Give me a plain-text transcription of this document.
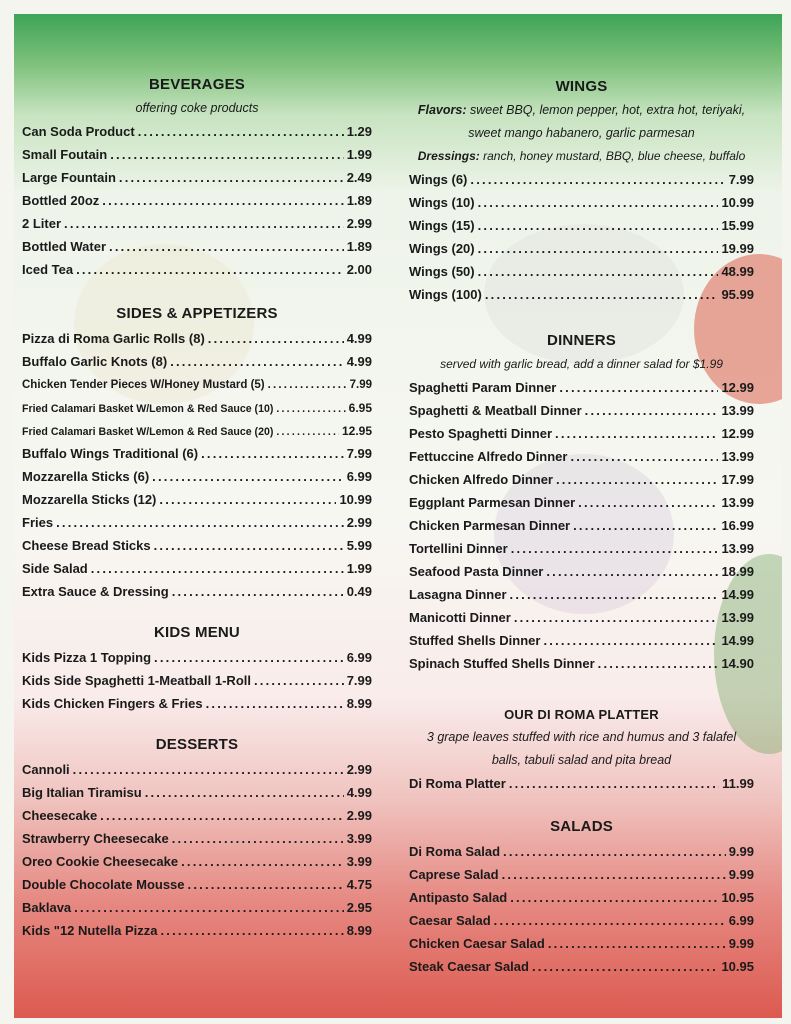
BEVERAGES
offering coke products
Can Soda Product .....	1.29
Small Foutain .....	1.99
Large Fountain .....	2.49
Bottled 20oz .....	1.89
2 Liter .....	2.99
Bottled Water .....	1.89
Iced Tea .....	2.00
SIDES & APPETIZERS
Pizza di Roma Garlic Rolls (8) .....	4.99
Buffalo Garlic Knots (8) .....	4.99
Chicken Tender Pieces W/Honey Mustard (5) .....	7.99
Fried Calamari Basket W/Lemon & Red Sauce (10) .....	6.95
Fried Calamari Basket W/Lemon & Red Sauce (20) .....	12.95
Buffalo Wings Traditional (6) .....	7.99
Mozzarella Sticks (6) .....	6.99
Mozzarella Sticks (12) .....	10.99
Fries .....	2.99
Cheese Bread Sticks .....	5.99
Side Salad .....	1.99
Extra Sauce & Dressing .....	0.49
KIDS MENU
Kids Pizza 1 Topping .....	6.99
Kids Side Spaghetti 1-Meatball 1-Roll .....	7.99
Kids Chicken Fingers & Fries .....	8.99
DESSERTS
Cannoli .....	2.99
Big Italian Tiramisu .....	4.99
Cheesecake .....	2.99
Strawberry Cheesecake .....	3.99
Oreo Cookie Cheesecake .....	3.99
Double Chocolate Mousse .....	4.75
Baklava .....	2.95
Kids "12 Nutella Pizza .....	8.99
WINGS
Flavors: sweet BBQ, lemon pepper, hot, extra hot, teriyaki,
sweet mango habanero, garlic parmesan
Dressings: ranch, honey mustard, BBQ, blue cheese, buffalo
Wings (6) .....	7.99
Wings (10) .....	10.99
Wings (15) .....	15.99
Wings (20) .....	19.99
Wings (50) .....	48.99
Wings (100) .....	95.99
DINNERS
served with garlic bread, add a dinner salad for $1.99
Spaghetti Param Dinner .....	12.99
Spaghetti & Meatball Dinner .....	13.99
Pesto Spaghetti Dinner .....	12.99
Fettuccine Alfredo Dinner .....	13.99
Chicken Alfredo Dinner .....	17.99
Eggplant Parmesan Dinner .....	13.99
Chicken Parmesan Dinner .....	16.99
Tortellini Dinner .....	13.99
Seafood Pasta Dinner .....	18.99
Lasagna Dinner .....	14.99
Manicotti Dinner .....	13.99
Stuffed Shells Dinner .....	14.99
Spinach Stuffed Shells Dinner .....	14.90
OUR DI ROMA PLATTER
3 grape leaves stuffed with rice and humus and 3 falafel
balls, tabuli salad and pita bread
Di Roma Platter .....	11.99
SALADS
Di Roma Salad .....	9.99
Caprese Salad .....	9.99
Antipasto Salad .....	10.95
Caesar Salad .....	6.99
Chicken Caesar Salad .....	9.99
Steak Caesar Salad .....	10.95
